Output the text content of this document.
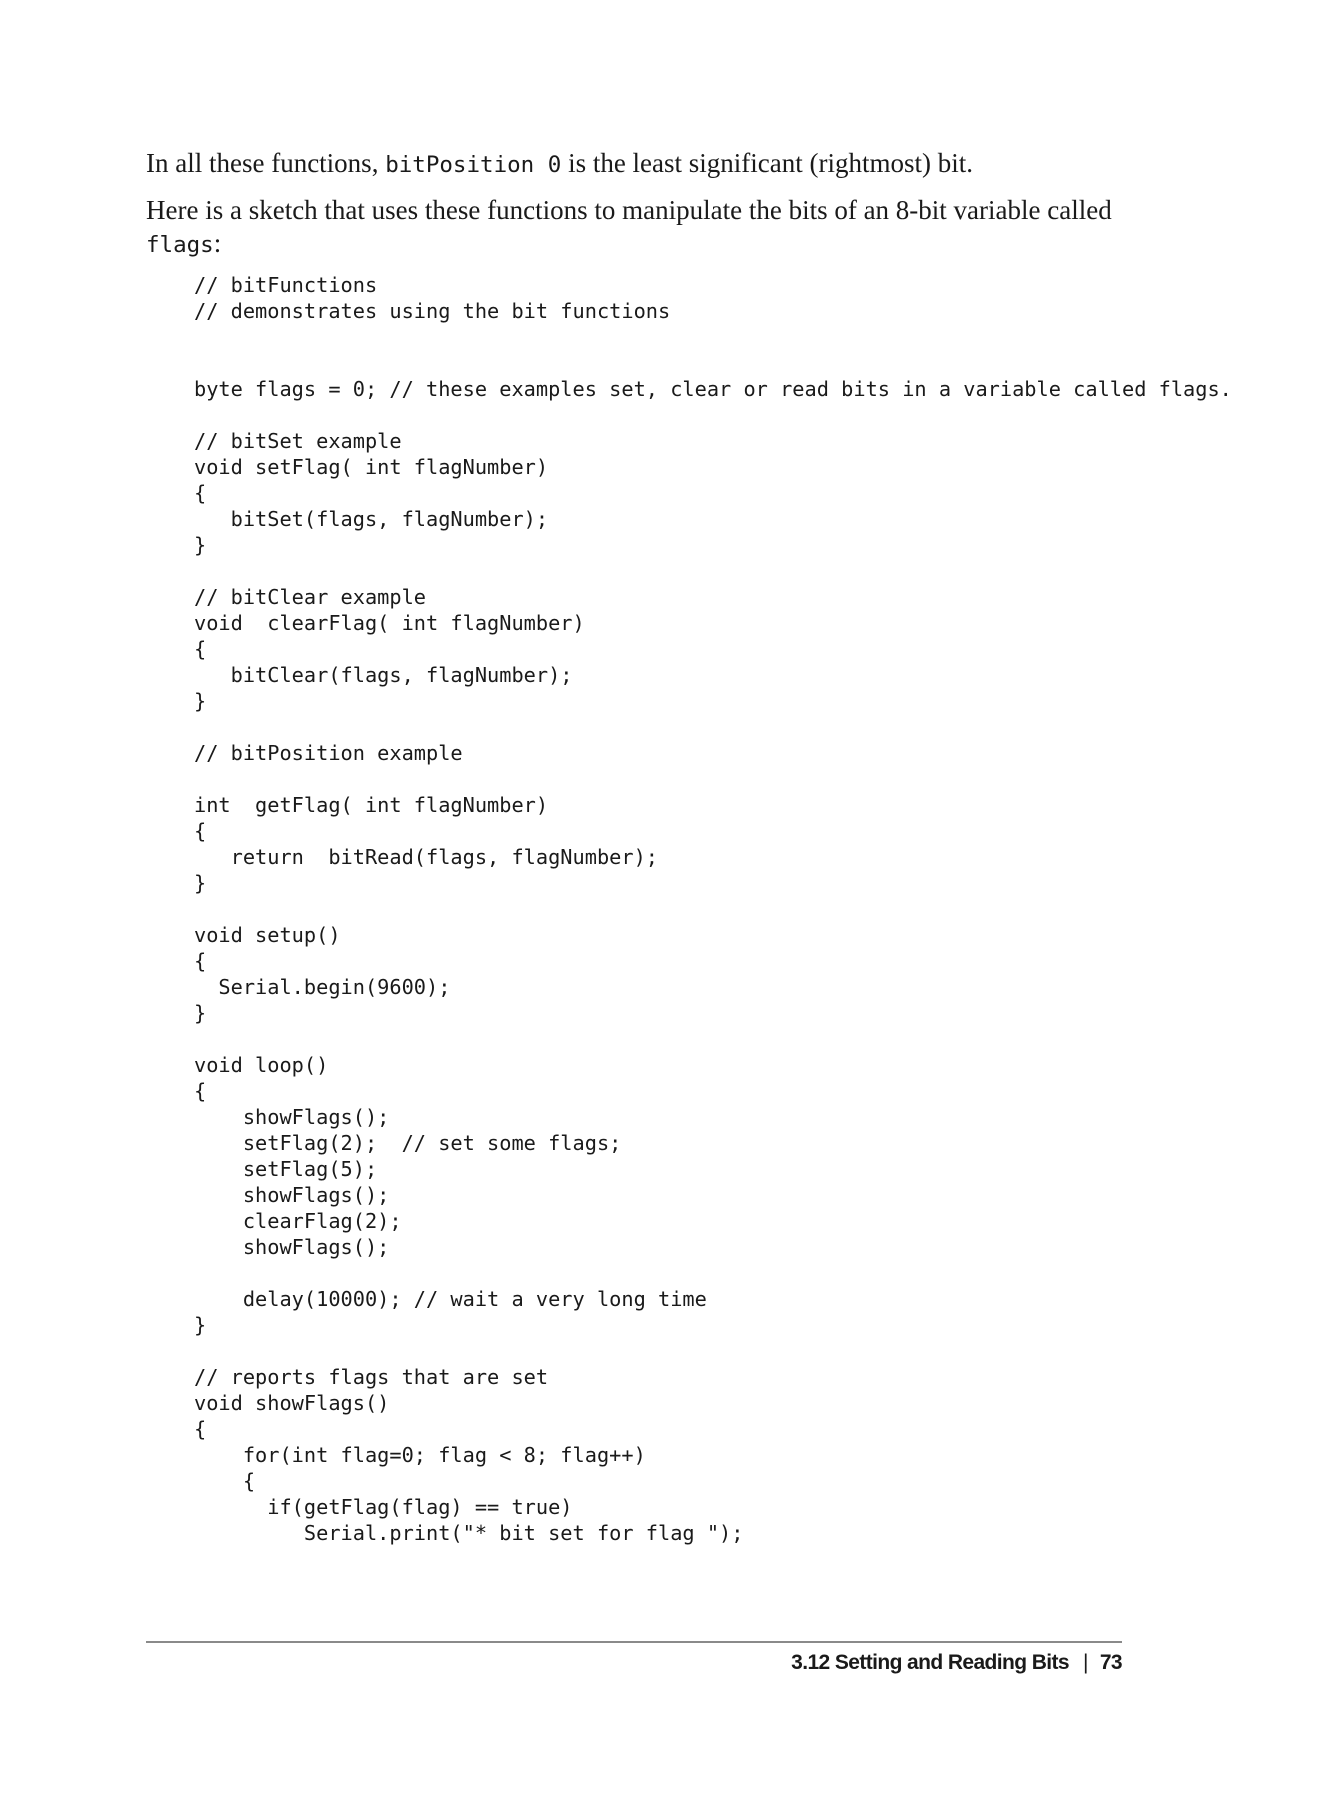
In all these functions, bitPosition 0 is the least significant (rightmost) bit.

Here is a sketch that uses these functions to manipulate the bits of an 8-bit variable called flags:

// bitFunctions
// demonstrates using the bit functions
byte flags = 0; // these examples set, clear or read bits in a variable called flags.
// bitSet example
void setFlag( int flagNumber)
{
bitSet(flags, flagNumber);
}
// bitClear example
void  clearFlag( int flagNumber)
{
bitClear(flags, flagNumber);
}
// bitPosition example
int  getFlag( int flagNumber)
{
return  bitRead(flags, flagNumber);
}
void setup()
{
Serial.begin(9600);
}
void loop()
{
showFlags();
setFlag(2);  // set some flags;
setFlag(5);
showFlags();
clearFlag(2);
showFlags();
delay(10000); // wait a very long time
}
// reports flags that are set
void showFlags()
{
for(int flag=0; flag < 8; flag++)
{
if(getFlag(flag) == true)
Serial.print("* bit set for flag ");
3.12 Setting and Reading Bits | 73
